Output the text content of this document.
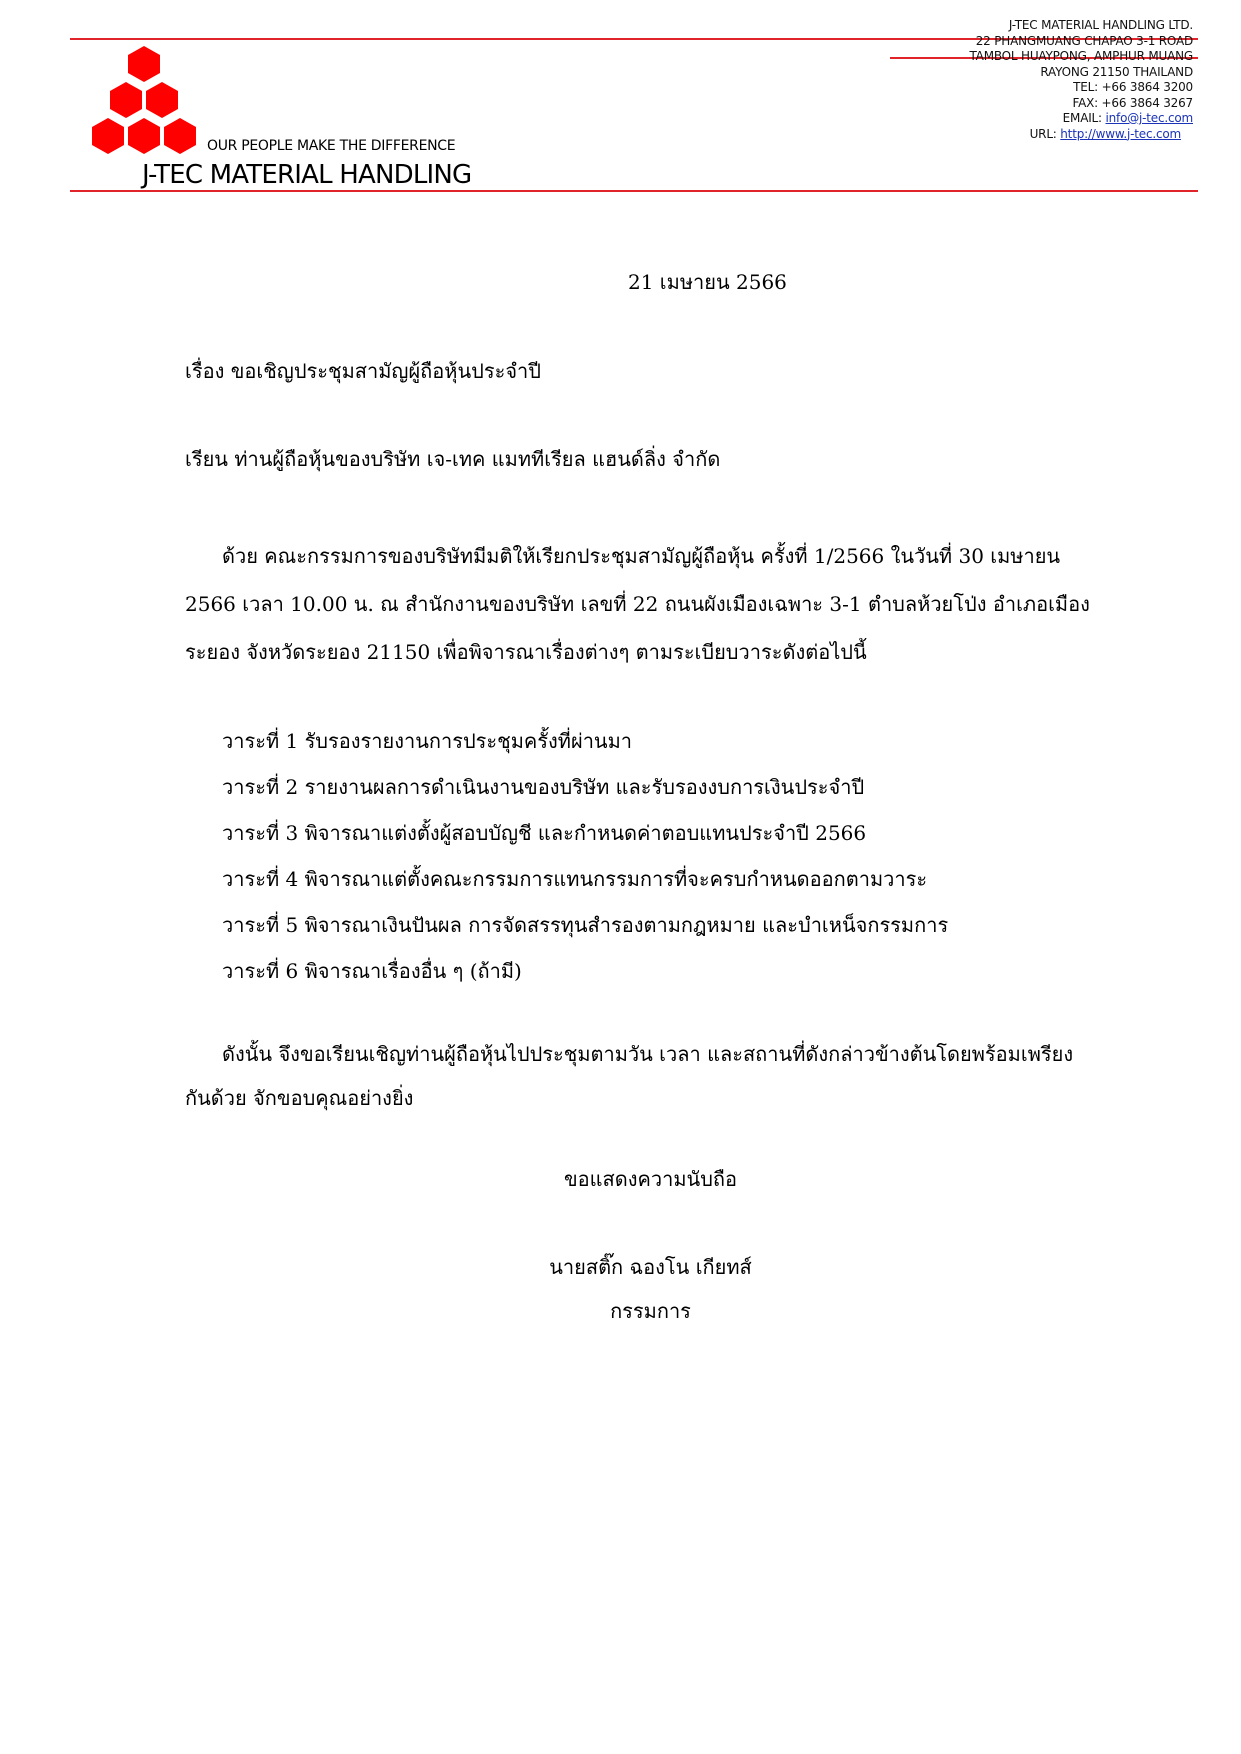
OUR PEOPLE MAKE THE DIFFERENCE
J-TEC MATERIAL HANDLING
J-TEC MATERIAL HANDLING LTD.
22 PHANGMUANG CHAPAO 3-1 ROAD
TAMBOL HUAYPONG, AMPHUR MUANG
RAYONG 21150 THAILAND
TEL: +66 3864 3200
FAX: +66 3864 3267
EMAIL: info@j-tec.com
URL: http://www.j-tec.com
21 เมษายน 2566
เรื่อง ขอเชิญประชุมสามัญผู้ถือหุ้นประจำปี
เรียน ท่านผู้ถือหุ้นของบริษัท เจ-เทค แมททีเรียล แฮนด์ลิ่ง จำกัด
ด้วย คณะกรรมการของบริษัทมีมติให้เรียกประชุมสามัญผู้ถือหุ้น ครั้งที่ 1/2566 ในวันที่ 30 เมษายน
2566 เวลา 10.00 น. ณ สำนักงานของบริษัท เลขที่ 22 ถนนผังเมืองเฉพาะ 3-1 ตำบลห้วยโป่ง อำเภอเมือง
ระยอง จังหวัดระยอง 21150 เพื่อพิจารณาเรื่องต่างๆ ตามระเบียบวาระดังต่อไปนี้
วาระที่ 1 รับรองรายงานการประชุมครั้งที่ผ่านมา
วาระที่ 2 รายงานผลการดำเนินงานของบริษัท และรับรองงบการเงินประจำปี
วาระที่ 3 พิจารณาแต่งตั้งผู้สอบบัญชี และกำหนดค่าตอบแทนประจำปี 2566
วาระที่ 4 พิจารณาแต่ตั้งคณะกรรมการแทนกรรมการที่จะครบกำหนดออกตามวาระ
วาระที่ 5 พิจารณาเงินปันผล การจัดสรรทุนสำรองตามกฎหมาย และบำเหน็จกรรมการ
วาระที่ 6 พิจารณาเรื่องอื่น ๆ (ถ้ามี)
ดังนั้น จึงขอเรียนเชิญท่านผู้ถือหุ้นไปประชุมตามวัน เวลา และสถานที่ดังกล่าวข้างต้นโดยพร้อมเพรียง
กันด้วย จักขอบคุณอย่างยิ่ง
ขอแสดงความนับถือ
นายสติ๊ก ฉองโน เกียทส์
กรรมการ
